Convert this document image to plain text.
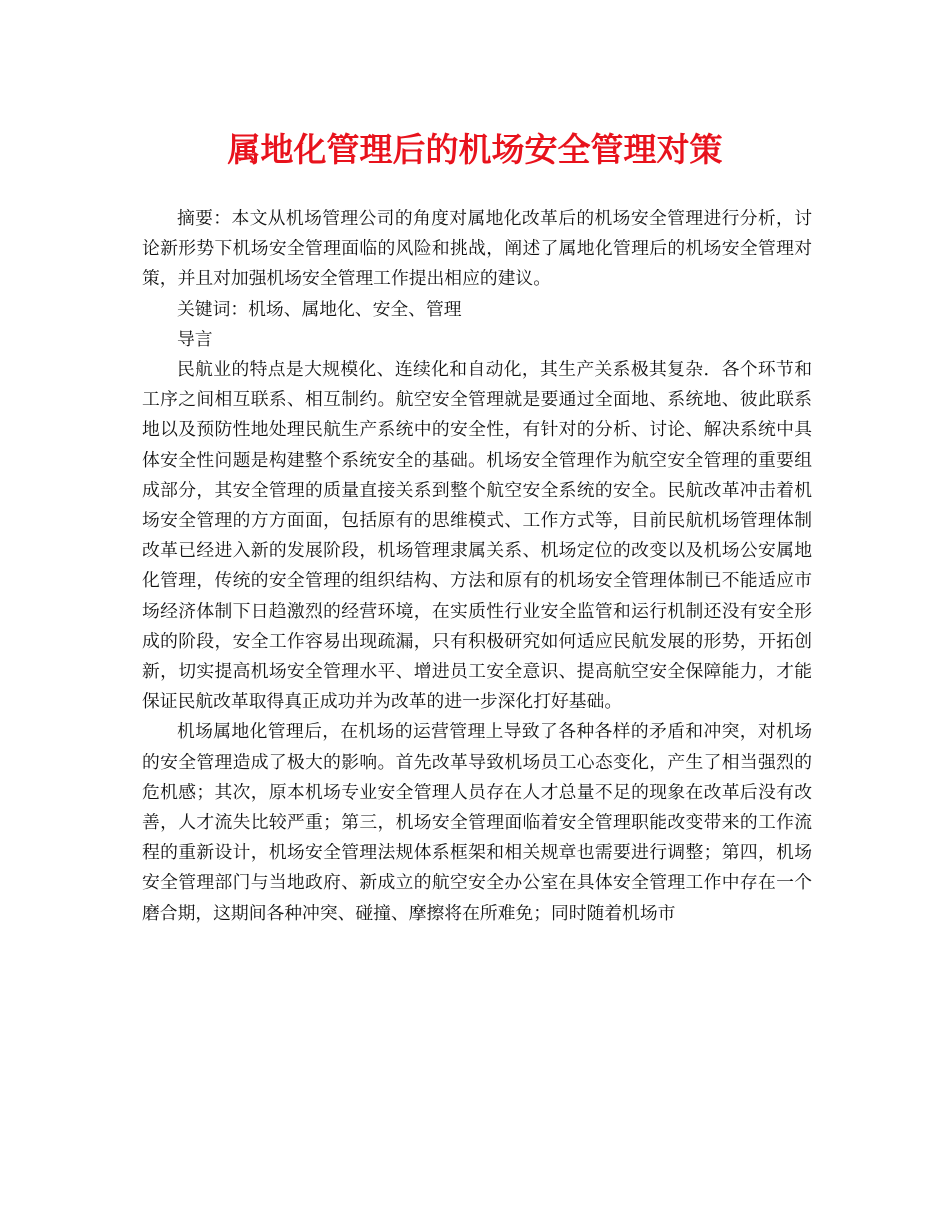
属地化管理后的机场安全管理对策

摘要：本文从机场管理公司的角度对属地化改革后的机场安全管理进行分析，讨论新形势下机场安全管理面临的风险和挑战，阐述了属地化管理后的机场安全管理对策，并且对加强机场安全管理工作提出相应的建议。

关键词：机场、属地化、安全、管理

导言

民航业的特点是大规模化、连续化和自动化，其生产关系极其复杂．各个环节和工序之间相互联系、相互制约。航空安全管理就是要通过全面地、系统地、彼此联系地以及预防性地处理民航生产系统中的安全性，有针对的分析、讨论、解决系统中具体安全性问题是构建整个系统安全的基础。机场安全管理作为航空安全管理的重要组成部分，其安全管理的质量直接关系到整个航空安全系统的安全。民航改革冲击着机场安全管理的方方面面，包括原有的思维模式、工作方式等，目前民航机场管理体制改革已经进入新的发展阶段，机场管理隶属关系、机场定位的改变以及机场公安属地化管理，传统的安全管理的组织结构、方法和原有的机场安全管理体制已不能适应市场经济体制下日趋激烈的经营环境，在实质性行业安全监管和运行机制还没有安全形成的阶段，安全工作容易出现疏漏，只有积极研究如何适应民航发展的形势，开拓创新，切实提高机场安全管理水平、增进员工安全意识、提高航空安全保障能力，才能保证民航改革取得真正成功并为改革的进一步深化打好基础。

机场属地化管理后，在机场的运营管理上导致了各种各样的矛盾和冲突，对机场的安全管理造成了极大的影响。首先改革导致机场员工心态变化，产生了相当强烈的危机感；其次，原本机场专业安全管理人员存在人才总量不足的现象在改革后没有改善，人才流失比较严重；第三，机场安全管理面临着安全管理职能改变带来的工作流程的重新设计，机场安全管理法规体系框架和相关规章也需要进行调整；第四，机场安全管理部门与当地政府、新成立的航空安全办公室在具体安全管理工作中存在一个磨合期，这期间各种冲突、碰撞、摩擦将在所难免；同时随着机场市
